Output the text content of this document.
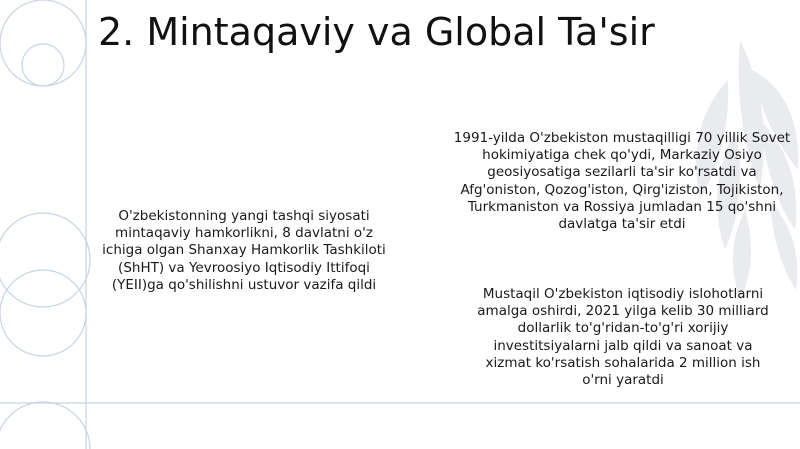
2. Mintaqaviy va Global Ta'sir

O'zbekistonning yangi tashqi siyosati mintaqaviy hamkorlikni, 8 davlatni o'z ichiga olgan Shanxay Hamkorlik Tashkiloti (ShHT) va Yevroosiyo Iqtisodiy Ittifoqi (YEII)ga qo'shilishni ustuvor vazifa qildi

1991-yilda O'zbekiston mustaqilligi 70 yillik Sovet hokimiyatiga chek qo'ydi, Markaziy Osiyo geosiyosatiga sezilarli ta'sir ko'rsatdi va Afg'oniston, Qozog'iston, Qirg'iziston, Tojikiston, Turkmaniston va Rossiya jumladan 15 qo'shni davlatga ta'sir etdi

Mustaqil O'zbekiston iqtisodiy islohotlarni amalga oshirdi, 2021 yilga kelib 30 milliard dollarlik to'g'ridan-to'g'ri xorijiy investitsiyalarni jalb qildi va sanoat va xizmat ko'rsatish sohalarida 2 million ish o'rni yaratdi
